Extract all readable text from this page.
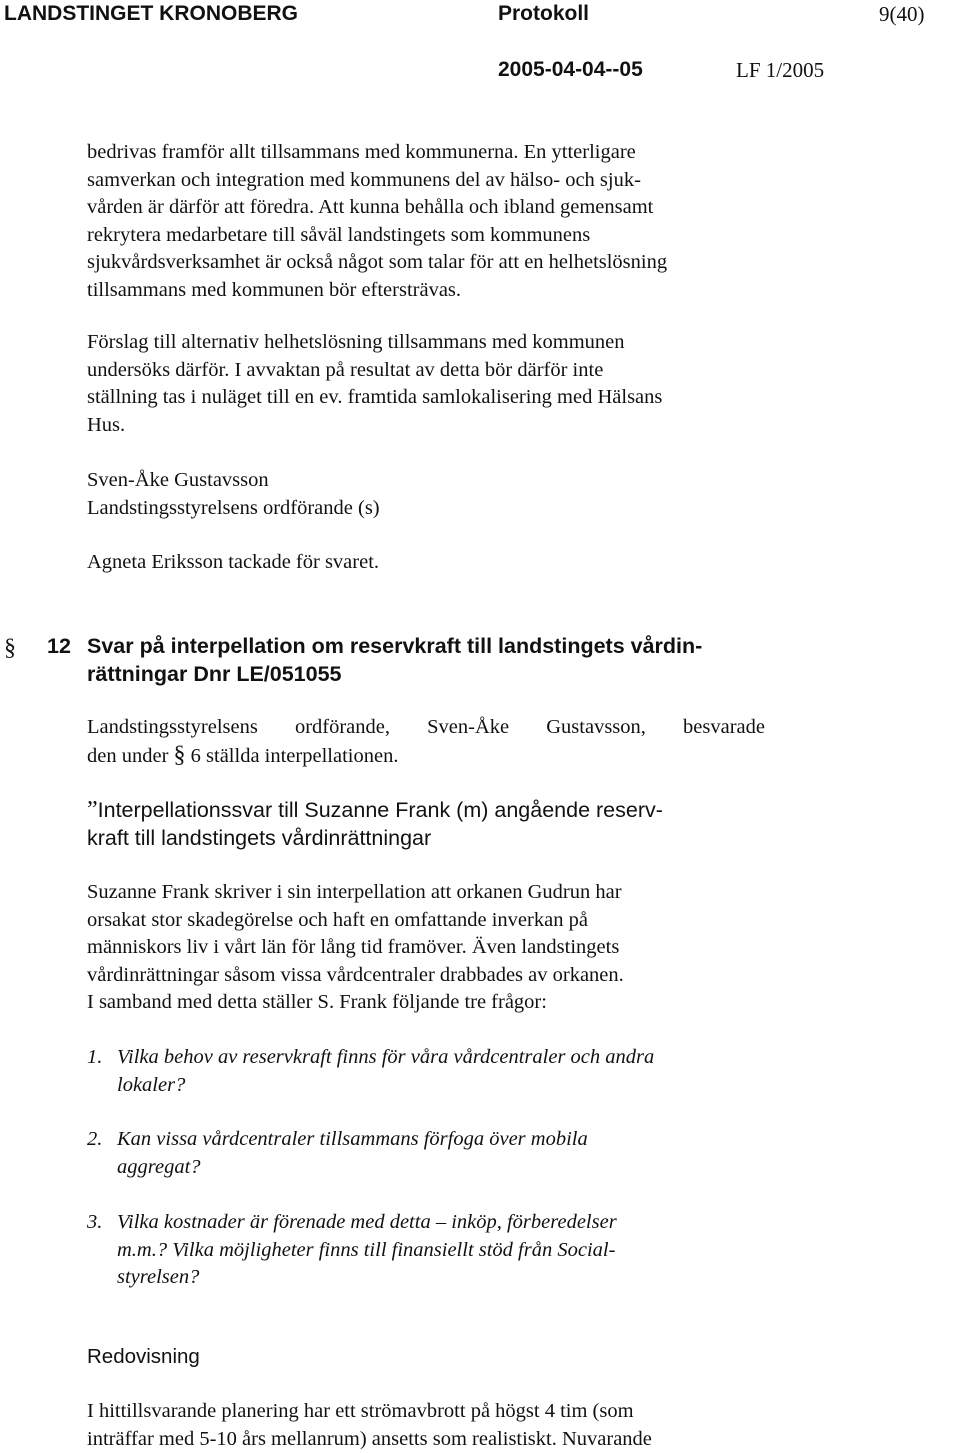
LANDSTINGET KRONOBERG	Protokoll	9(40)
2005-04-04--05	LF 1/2005
bedrivas framför allt tillsammans med kommunerna. En ytterligare
samverkan och integration med kommunens del av hälso- och sjuk-
vården är därför att föredra. Att kunna behålla och ibland gemensamt
rekrytera medarbetare till såväl landstingets som kommunens
sjukvårdsverksamhet är också något som talar för att en helhetslösning
tillsammans med kommunen bör eftersträvas.
Förslag till alternativ helhetslösning tillsammans med kommunen
undersöks därför. I avvaktan på resultat av detta bör därför inte
ställning tas i nuläget till en ev. framtida samlokalisering med Hälsans
Hus.
Sven-Åke Gustavsson
Landstingsstyrelsens ordförande (s)
Agneta Eriksson tackade för svaret.
§ 12 Svar på interpellation om reservkraft till landstingets vårdin-
rättningar Dnr LE/051055
Landstingsstyrelsens ordförande, Sven-Åke Gustavsson, besvarade
den under § 6 ställda interpellationen.
”Interpellationssvar till Suzanne Frank (m) angående reserv-
kraft till landstingets vårdinrättningar
Suzanne Frank skriver i sin interpellation att orkanen Gudrun har
orsakat stor skadegörelse och haft en omfattande inverkan på
människors liv i vårt län för lång tid framöver. Även landstingets
vårdinrättningar såsom vissa vårdcentraler drabbades av orkanen.
I samband med detta ställer S. Frank följande tre frågor:
1. Vilka behov av reservkraft finns för våra vårdcentraler och andra
lokaler?
2. Kan vissa vårdcentraler tillsammans förfoga över mobila
aggregat?
3. Vilka kostnader är förenade med detta – inköp, förberedelser
m.m.? Vilka möjligheter finns till finansiellt stöd från Social-
styrelsen?
Redovisning
I hittillsvarande planering har ett strömavbrott på högst 4 tim (som
inträffar med 5-10 års mellanrum) ansetts som realistiskt. Nuvarande
